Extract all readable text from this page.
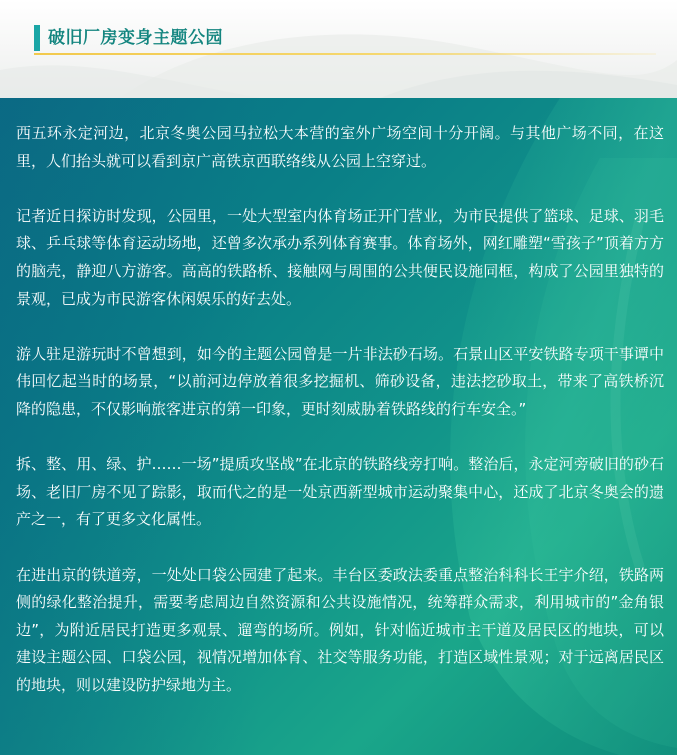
破旧厂房变身主题公园

西五环永定河边，北京冬奥公园马拉松大本营的室外广场空间十分开阔。与其他广场不同，在这里，人们抬头就可以看到京广高铁京西联络线从公园上空穿过。

记者近日探访时发现，公园里，一处大型室内体育场正开门营业，为市民提供了篮球、足球、羽毛球、乒乓球等体育运动场地，还曾多次承办系列体育赛事。体育场外，网红雕塑“雪孩子”顶着方方的脑壳，静迎八方游客。高高的铁路桥、接触网与周围的公共便民设施同框，构成了公园里独特的景观，已成为市民游客休闲娱乐的好去处。

游人驻足游玩时不曾想到，如今的主题公园曾是一片非法砂石场。石景山区平安铁路专项干事谭中伟回忆起当时的场景，“以前河边停放着很多挖掘机、筛砂设备，违法挖砂取土，带来了高铁桥沉降的隐患，不仅影响旅客进京的第一印象，更时刻威胁着铁路线的行车安全。”

拆、整、用、绿、护……一场”提质攻坚战”在北京的铁路线旁打响。整治后，永定河旁破旧的砂石场、老旧厂房不见了踪影，取而代之的是一处京西新型城市运动聚集中心，还成了北京冬奥会的遗产之一，有了更多文化属性。

在进出京的铁道旁，一处处口袋公园建了起来。丰台区委政法委重点整治科科长王宇介绍，铁路两侧的绿化整治提升，需要考虑周边自然资源和公共设施情况，统筹群众需求，利用城市的”金角银边”，为附近居民打造更多观景、遛弯的场所。例如，针对临近城市主干道及居民区的地块，可以建设主题公园、口袋公园，视情况增加体育、社交等服务功能，打造区域性景观；对于远离居民区的地块，则以建设防护绿地为主。
